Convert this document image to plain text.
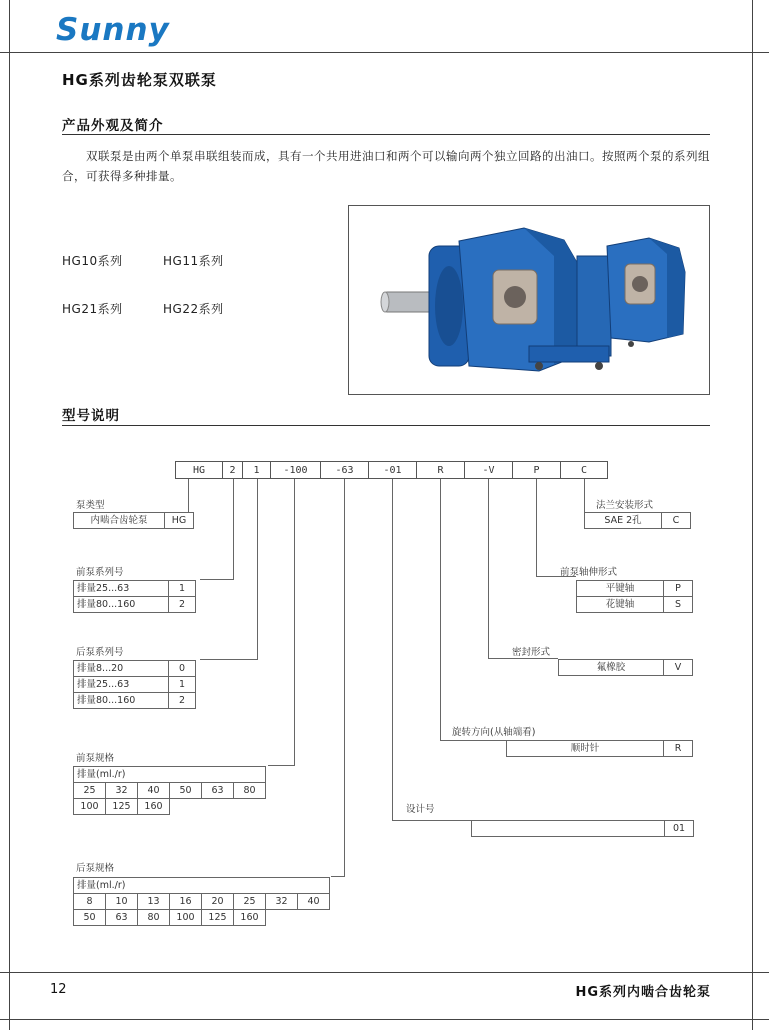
Sunny
HG系列齿轮泵双联泵
产品外观及简介
双联泵是由两个单泵串联组装而成，具有一个共用进油口和两个可以输向两个独立回路的出油口。按照两个泵的系列组合，可获得多种排量。
HG10系列	HG11系列
HG21系列	HG22系列
型号说明
HG	2	1	-100	-63	-01	R	-V	P	C
泵类型
内啮合齿轮泵	HG
前泵系列号
排量25...63	1
排量80...160	2
后泵系列号
排量8...20	0
排量25...63	1
排量80...160	2
前泵规格
排量(ml./r)					
25	32	40	50	63	80
100	125	160			
后泵规格
排量(ml./r)							
8	10	13	16	20	25	32	40
50	63	80	100	125	160		
法兰安装形式
SAE 2孔	C
前泵轴伸形式
平键轴	P
花键轴	S
密封形式
氟橡胶	V
旋转方向(从轴端看)
顺时针	R
设计号
	01
12	HG系列内啮合齿轮泵
